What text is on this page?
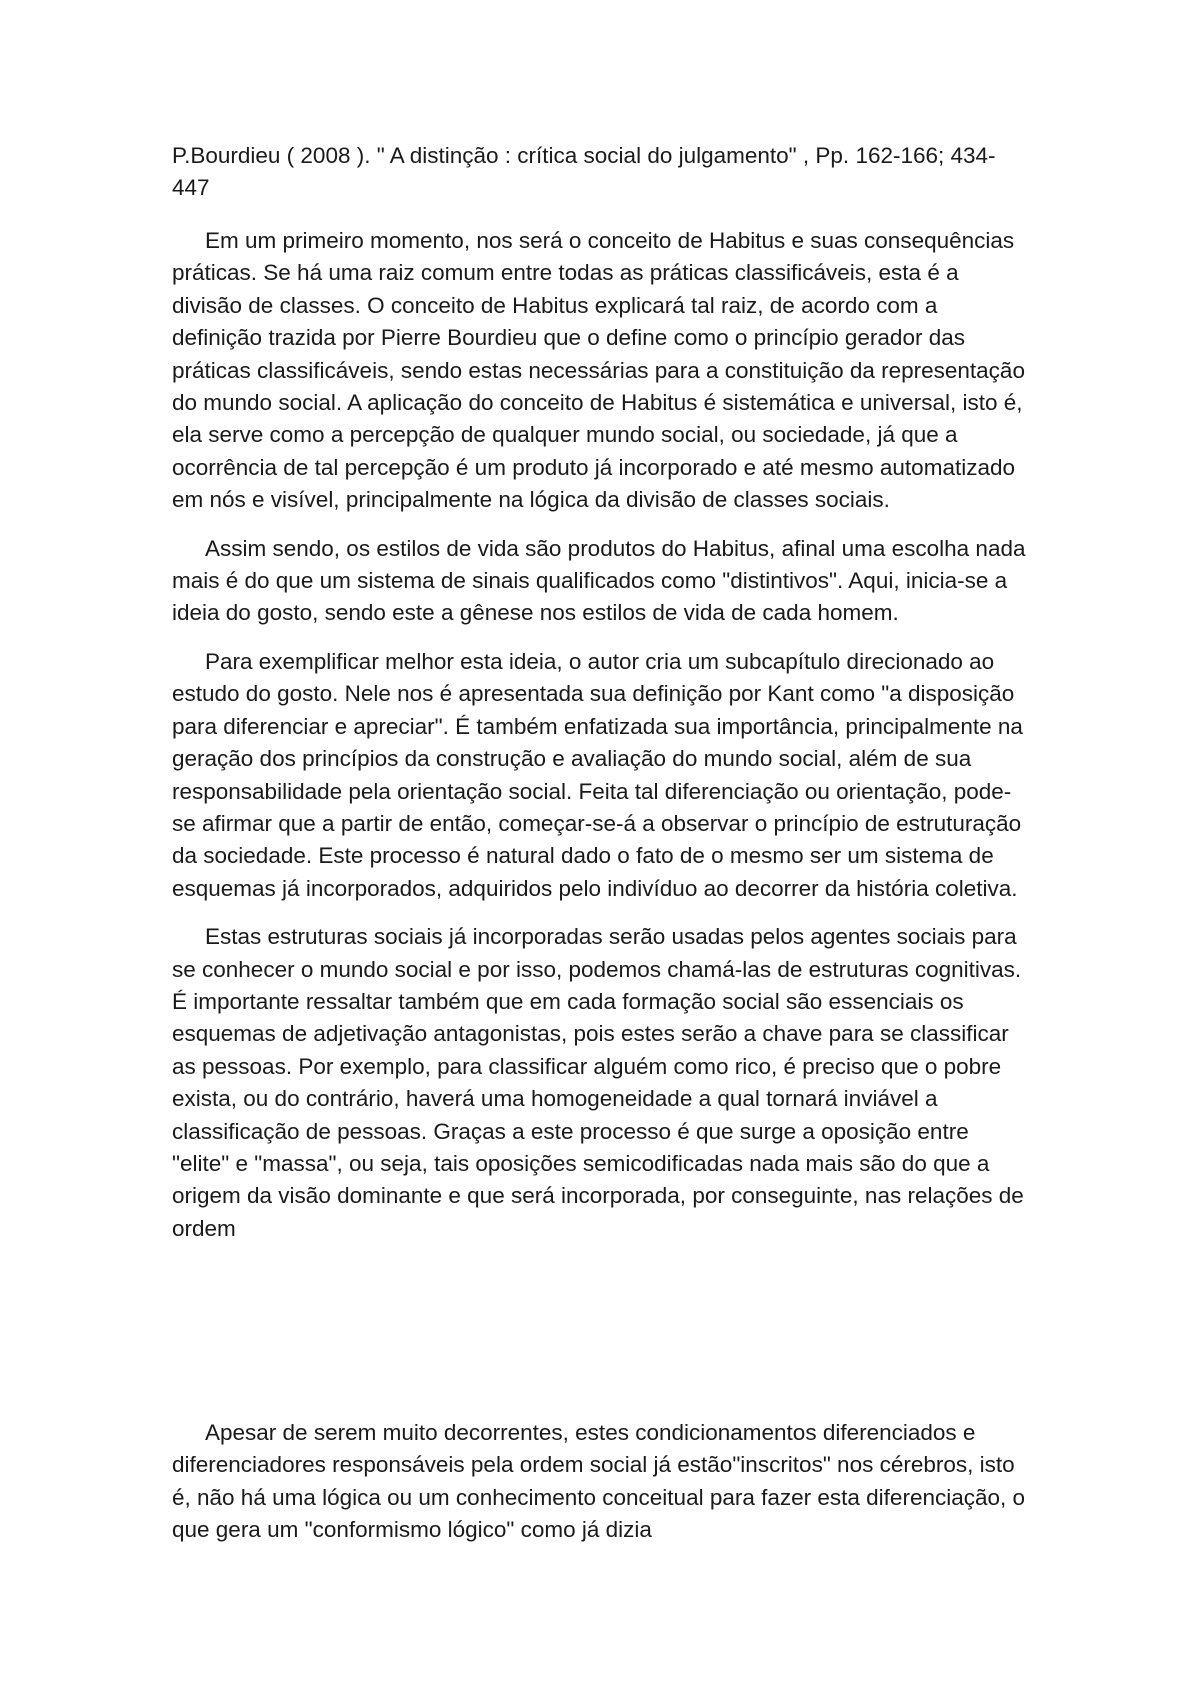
P.Bourdieu ( 2008 ). " A distinção : crítica social do julgamento" , Pp. 162-166; 434-447

Em um primeiro momento, nos será o conceito de Habitus e suas consequências práticas. Se há uma raiz comum entre todas as práticas classificáveis, esta é a divisão de classes. O conceito de Habitus explicará tal raiz, de acordo com a definição trazida por Pierre Bourdieu que o define como o princípio gerador das práticas classificáveis, sendo estas necessárias para a constituição da representação do mundo social. A aplicação do conceito de Habitus é sistemática e universal, isto é, ela serve como a percepção de qualquer mundo social, ou sociedade, já que a ocorrência de tal percepção é um produto já incorporado e até mesmo automatizado em nós e visível, principalmente na lógica da divisão de classes sociais.

Assim sendo, os estilos de vida são produtos do Habitus, afinal uma escolha nada mais é do que um sistema de sinais qualificados como "distintivos". Aqui, inicia-se a ideia do gosto, sendo este a gênese nos estilos de vida de cada homem.

Para exemplificar melhor esta ideia, o autor cria um subcapítulo direcionado ao estudo do gosto. Nele nos é apresentada sua definição por Kant como "a disposição para diferenciar e apreciar". É também enfatizada sua importância, principalmente na geração dos princípios da construção e avaliação do mundo social, além de sua responsabilidade pela orientação social. Feita tal diferenciação ou orientação, pode-se afirmar que a partir de então, começar-se-á a observar o princípio de estruturação da sociedade. Este processo é natural dado o fato de o mesmo ser um sistema de esquemas já incorporados, adquiridos pelo indivíduo ao decorrer da história coletiva.

Estas estruturas sociais já incorporadas serão usadas pelos agentes sociais para se conhecer o mundo social e por isso, podemos chamá-las de estruturas cognitivas. É importante ressaltar também que em cada formação social são essenciais os esquemas de adjetivação antagonistas, pois estes serão a chave para se classificar as pessoas. Por exemplo, para classificar alguém como rico, é preciso que o pobre exista, ou do contrário, haverá uma homogeneidade a qual tornará inviável a classificação de pessoas. Graças a este processo é que surge a oposição entre "elite" e "massa", ou seja, tais oposições semicodificadas nada mais são do que a origem da visão dominante e que será incorporada, por conseguinte, nas relações de ordem

Apesar de serem muito decorrentes, estes condicionamentos diferenciados e diferenciadores responsáveis pela ordem social já estão"inscritos" nos cérebros, isto é, não há uma lógica ou um conhecimento conceitual para fazer esta diferenciação, o que gera um "conformismo lógico" como já dizia
